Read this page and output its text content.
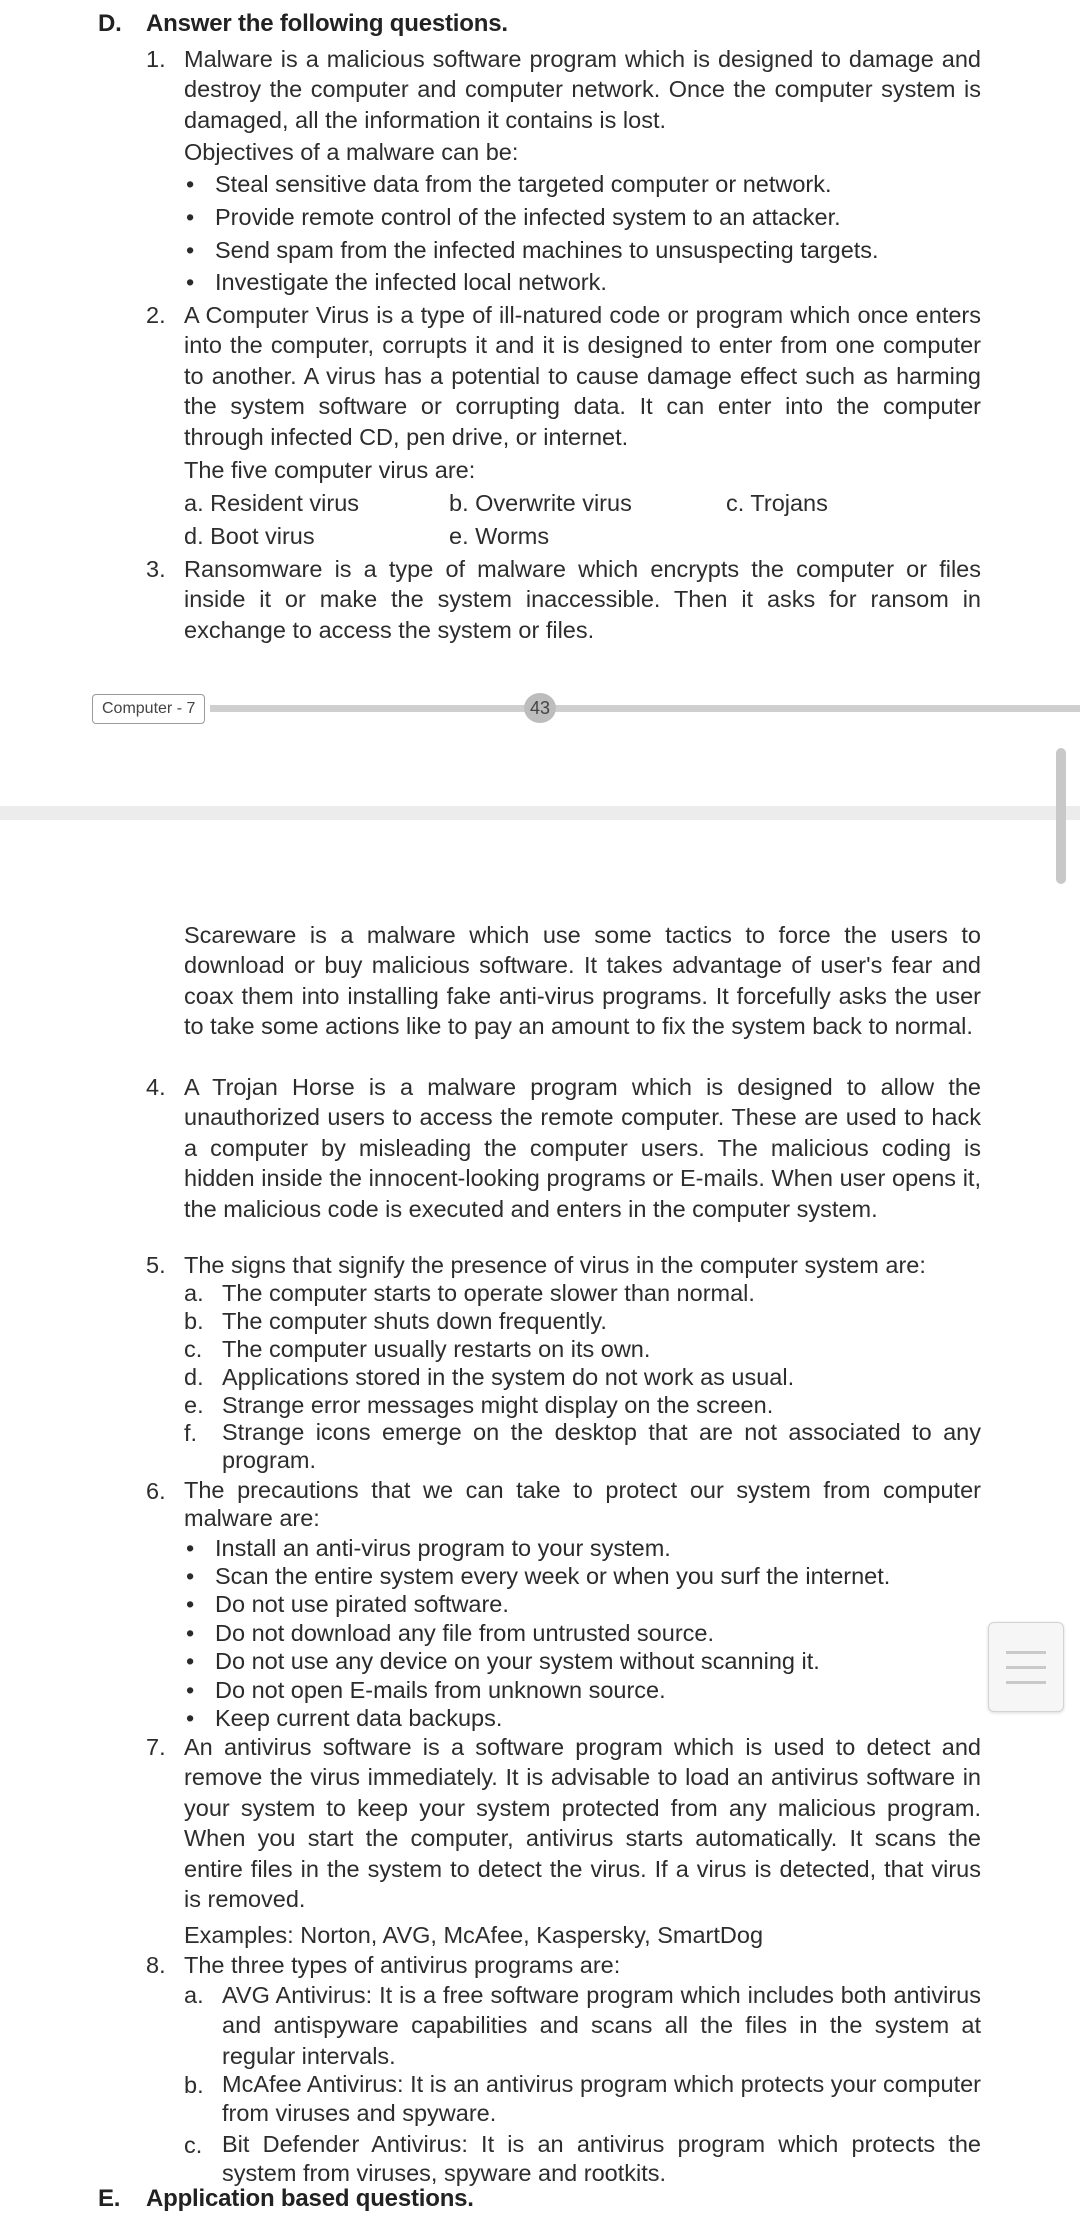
D. Answer the following questions.
1. Malware is a malicious software program which is designed to damage and destroy the computer and computer network. Once the computer system is damaged, all the information it contains is lost.
Objectives of a malware can be:
• Steal sensitive data from the targeted computer or network.
• Provide remote control of the infected system to an attacker.
• Send spam from the infected machines to unsuspecting targets.
• Investigate the infected local network.
2. A Computer Virus is a type of ill-natured code or program which once enters into the computer, corrupts it and it is designed to enter from one computer to another. A virus has a potential to cause damage effect such as harming the system software or corrupting data. It can enter into the computer through infected CD, pen drive, or internet.
The five computer virus are:
a. Resident virus	b. Overwrite virus	c. Trojans
d. Boot virus	e. Worms
3. Ransomware is a type of malware which encrypts the computer or files inside it or make the system inaccessible. Then it asks for ransom in exchange to access the system or files.
Computer - 7	43
Scareware is a malware which use some tactics to force the users to download or buy malicious software. It takes advantage of user's fear and coax them into installing fake anti-virus programs. It forcefully asks the user to take some actions like to pay an amount to fix the system back to normal.
4. A Trojan Horse is a malware program which is designed to allow the unauthorized users to access the remote computer. These are used to hack a computer by misleading the computer users. The malicious coding is hidden inside the innocent-looking programs or E-mails. When user opens it, the malicious code is executed and enters in the computer system.
5. The signs that signify the presence of virus in the computer system are:
a. The computer starts to operate slower than normal.
b. The computer shuts down frequently.
c. The computer usually restarts on its own.
d. Applications stored in the system do not work as usual.
e. Strange error messages might display on the screen.
f. Strange icons emerge on the desktop that are not associated to any program.
6. The precautions that we can take to protect our system from computer malware are:
• Install an anti-virus program to your system.
• Scan the entire system every week or when you surf the internet.
• Do not use pirated software.
• Do not download any file from untrusted source.
• Do not use any device on your system without scanning it.
• Do not open E-mails from unknown source.
• Keep current data backups.
7. An antivirus software is a software program which is used to detect and remove the virus immediately. It is advisable to load an antivirus software in your system to keep your system protected from any malicious program. When you start the computer, antivirus starts automatically. It scans the entire files in the system to detect the virus. If a virus is detected, that virus is removed.
Examples: Norton, AVG, McAfee, Kaspersky, SmartDog
8. The three types of antivirus programs are:
a. AVG Antivirus: It is a free software program which includes both antivirus and antispyware capabilities and scans all the files in the system at regular intervals.
b. McAfee Antivirus: It is an antivirus program which protects your computer from viruses and spyware.
c. Bit Defender Antivirus: It is an antivirus program which protects the system from viruses, spyware and rootkits.
E. Application based questions.
